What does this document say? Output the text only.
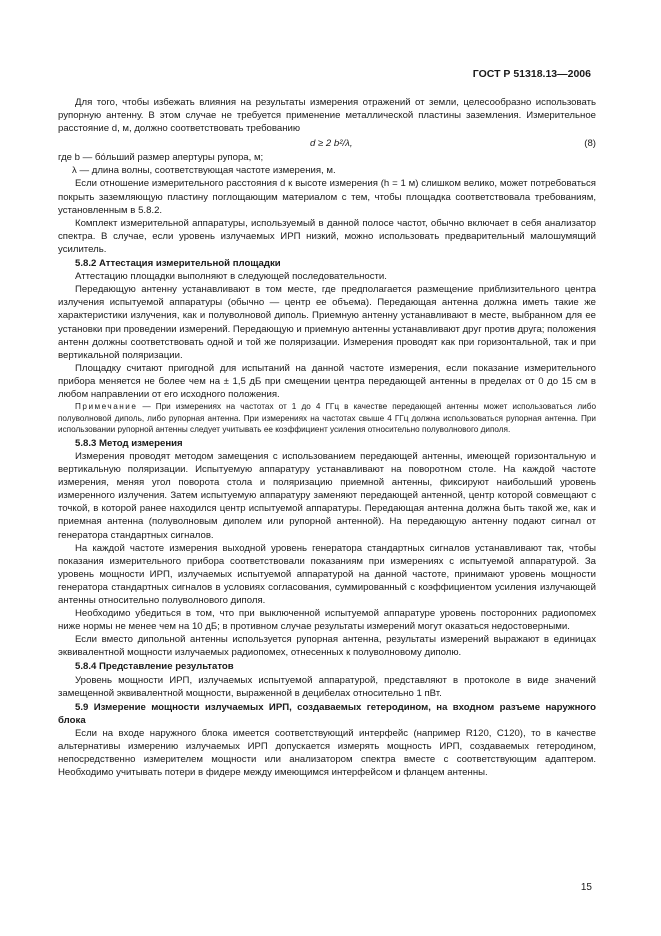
ГОСТ Р 51318.13—2006

Для того, чтобы избежать влияния на результаты измерения отражений от земли, целесообразно использовать рупорную антенну. В этом случае не требуется применение металлической пластины заземления. Измерительное расстояние d, м, должно соответствовать требованию

d ≥ 2 b²/λ,	(8)

где b — бо́льший размер апертуры рупора, м;

λ — длина волны, соответствующая частоте измерения, м.

Если отношение измерительного расстояния d к высоте измерения (h = 1 м) слишком велико, может потребоваться покрыть заземляющую пластину поглощающим материалом с тем, чтобы площадка соответствовала требованиям, установленным в 5.8.2.

Комплект измерительной аппаратуры, используемый в данной полосе частот, обычно включает в себя анализатор спектра. В случае, если уровень излучаемых ИРП низкий, можно использовать предварительный малошумящий усилитель.

5.8.2 Аттестация измерительной площадки

Аттестацию площадки выполняют в следующей последовательности.

Передающую антенну устанавливают в том месте, где предполагается размещение приблизительного центра излучения испытуемой аппаратуры (обычно — центр ее объема). Передающая антенна должна иметь такие же характеристики излучения, как и полуволновой диполь. Приемную антенну устанавливают в месте, выбранном для ее установки при проведении измерений. Передающую и приемную антенны устанавливают друг против друга; положения антенн должны соответствовать одной и той же поляризации. Измерения проводят как при горизонтальной, так и при вертикальной поляризации.

Площадку считают пригодной для испытаний на данной частоте измерения, если показание измерительного прибора меняется не более чем на ± 1,5 дБ при смещении центра передающей антенны в пределах от 0 до 15 см в любом направлении от его исходного положения.

Примечание — При измерениях на частотах от 1 до 4 ГГц в качестве передающей антенны может использоваться либо полуволновой диполь, либо рупорная антенна. При измерениях на частотах свыше 4 ГГц должна использоваться рупорная антенна. При использовании рупорной антенны следует учитывать ее коэффициент усиления относительно полуволнового диполя.

5.8.3 Метод измерения

Измерения проводят методом замещения с использованием передающей антенны, имеющей горизонтальную и вертикальную поляризации. Испытуемую аппаратуру устанавливают на поворотном столе. На каждой частоте измерения, меняя угол поворота стола и поляризацию приемной антенны, фиксируют наибольший уровень измеренного излучения. Затем испытуемую аппаратуру заменяют передающей антенной, центр которой совмещают с точкой, в которой ранее находился центр испытуемой аппаратуры. Передающая антенна должна быть такой же, как и приемная антенна (полуволновым диполем или рупорной антенной). На передающую антенну подают сигнал от генератора стандартных сигналов.

На каждой частоте измерения выходной уровень генератора стандартных сигналов устанавливают так, чтобы показания измерительного прибора соответствовали показаниям при измерениях с испытуемой аппаратурой. За уровень мощности ИРП, излучаемых испытуемой аппаратурой на данной частоте, принимают уровень мощности генератора стандартных сигналов в условиях согласования, суммированный с коэффициентом усиления излучающей антенны относительно полуволнового диполя.

Необходимо убедиться в том, что при выключенной испытуемой аппаратуре уровень посторонних радиопомех ниже нормы не менее чем на 10 дБ; в противном случае результаты измерений могут оказаться недостоверными.

Если вместо дипольной антенны используется рупорная антенна, результаты измерений выражают в единицах эквивалентной мощности излучаемых радиопомех, отнесенных к полуволновому диполю.

5.8.4 Представление результатов

Уровень мощности ИРП, излучаемых испытуемой аппаратурой, представляют в протоколе в виде значений замещенной эквивалентной мощности, выраженной в децибелах относительно 1 пВт.

5.9 Измерение мощности излучаемых ИРП, создаваемых гетеродином, на входном разъеме наружного блока

Если на входе наружного блока имеется соответствующий интерфейс (например R120, C120), то в качестве альтернативы измерению излучаемых ИРП допускается измерять мощность ИРП, создаваемых гетеродином, непосредственно измерителем мощности или анализатором спектра вместе с соответствующим адаптером. Необходимо учитывать потери в фидере между имеющимся интерфейсом и фланцем антенны.

15
